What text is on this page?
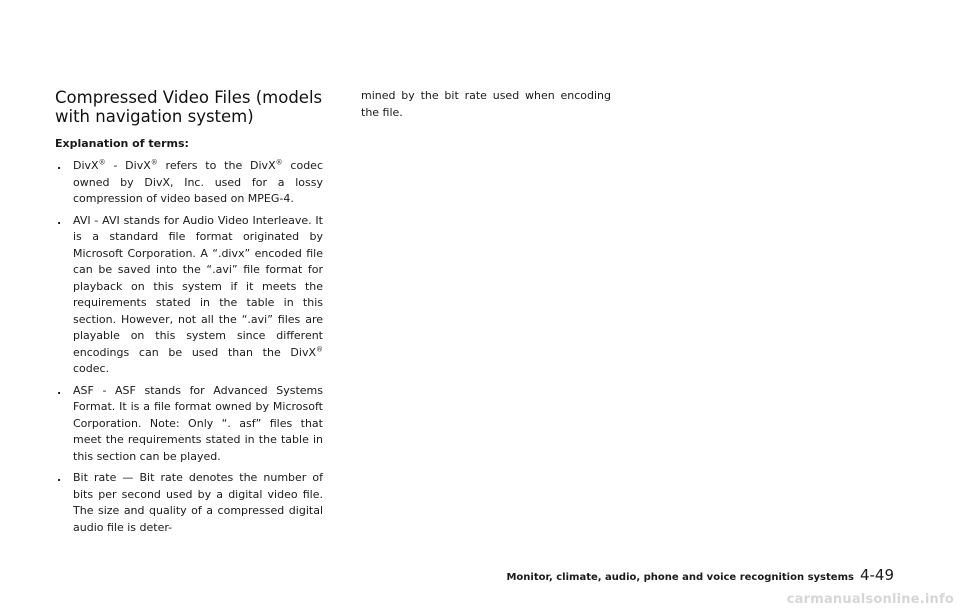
Compressed Video Files (models
with navigation system)
Explanation of terms:
. DivX® - DivX® refers to the DivX® codec owned by DivX, Inc. used for a lossy compression of video based on MPEG-4.
. AVI - AVI stands for Audio Video Interleave. It is a standard file format originated by Microsoft Corporation. A “.divx” encoded file can be saved into the “.avi” file format for playback on this system if it meets the requirements stated in the table in this section. However, not all the “.avi” files are playable on this system since different encodings can be used than the DivX® codec.
. ASF - ASF stands for Advanced Systems Format. It is a file format owned by Microsoft Corporation. Note: Only “. asf” files that meet the requirements stated in the table in this section can be played.
. Bit rate — Bit rate denotes the number of bits per second used by a digital video file. The size and quality of a compressed digital audio file is deter-

mined by the bit rate used when encoding the file.

Monitor, climate, audio, phone and voice recognition systems 4-49
carmanualsonline.info
